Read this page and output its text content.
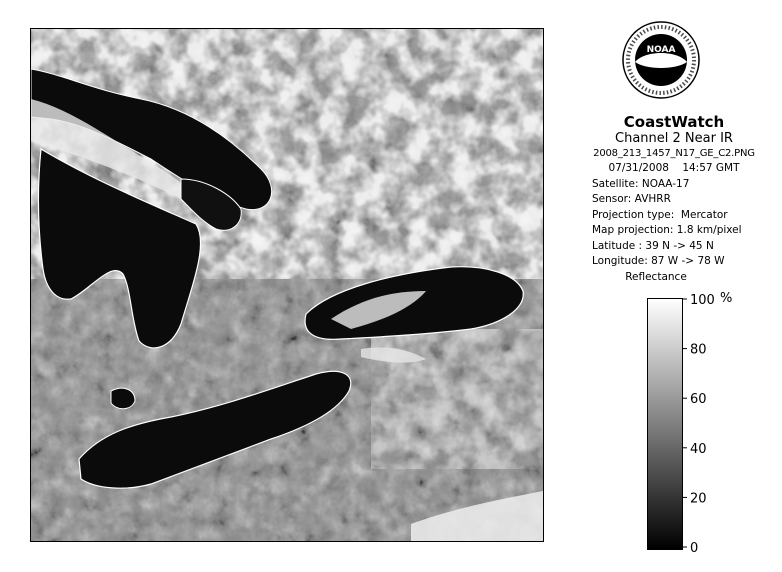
NOAA
CoastWatch
Channel 2 Near IR
2008_213_1457_N17_GE_C2.PNG
07/31/2008    14:57 GMT
Satellite: NOAA-17
Sensor: AVHRR
Projection type:  Mercator
Map projection: 1.8 km/pixel
Latitude : 39 N -> 45 N
Longitude: 87 W -> 78 W
Reflectance
%
100
80
60
40
20
0
